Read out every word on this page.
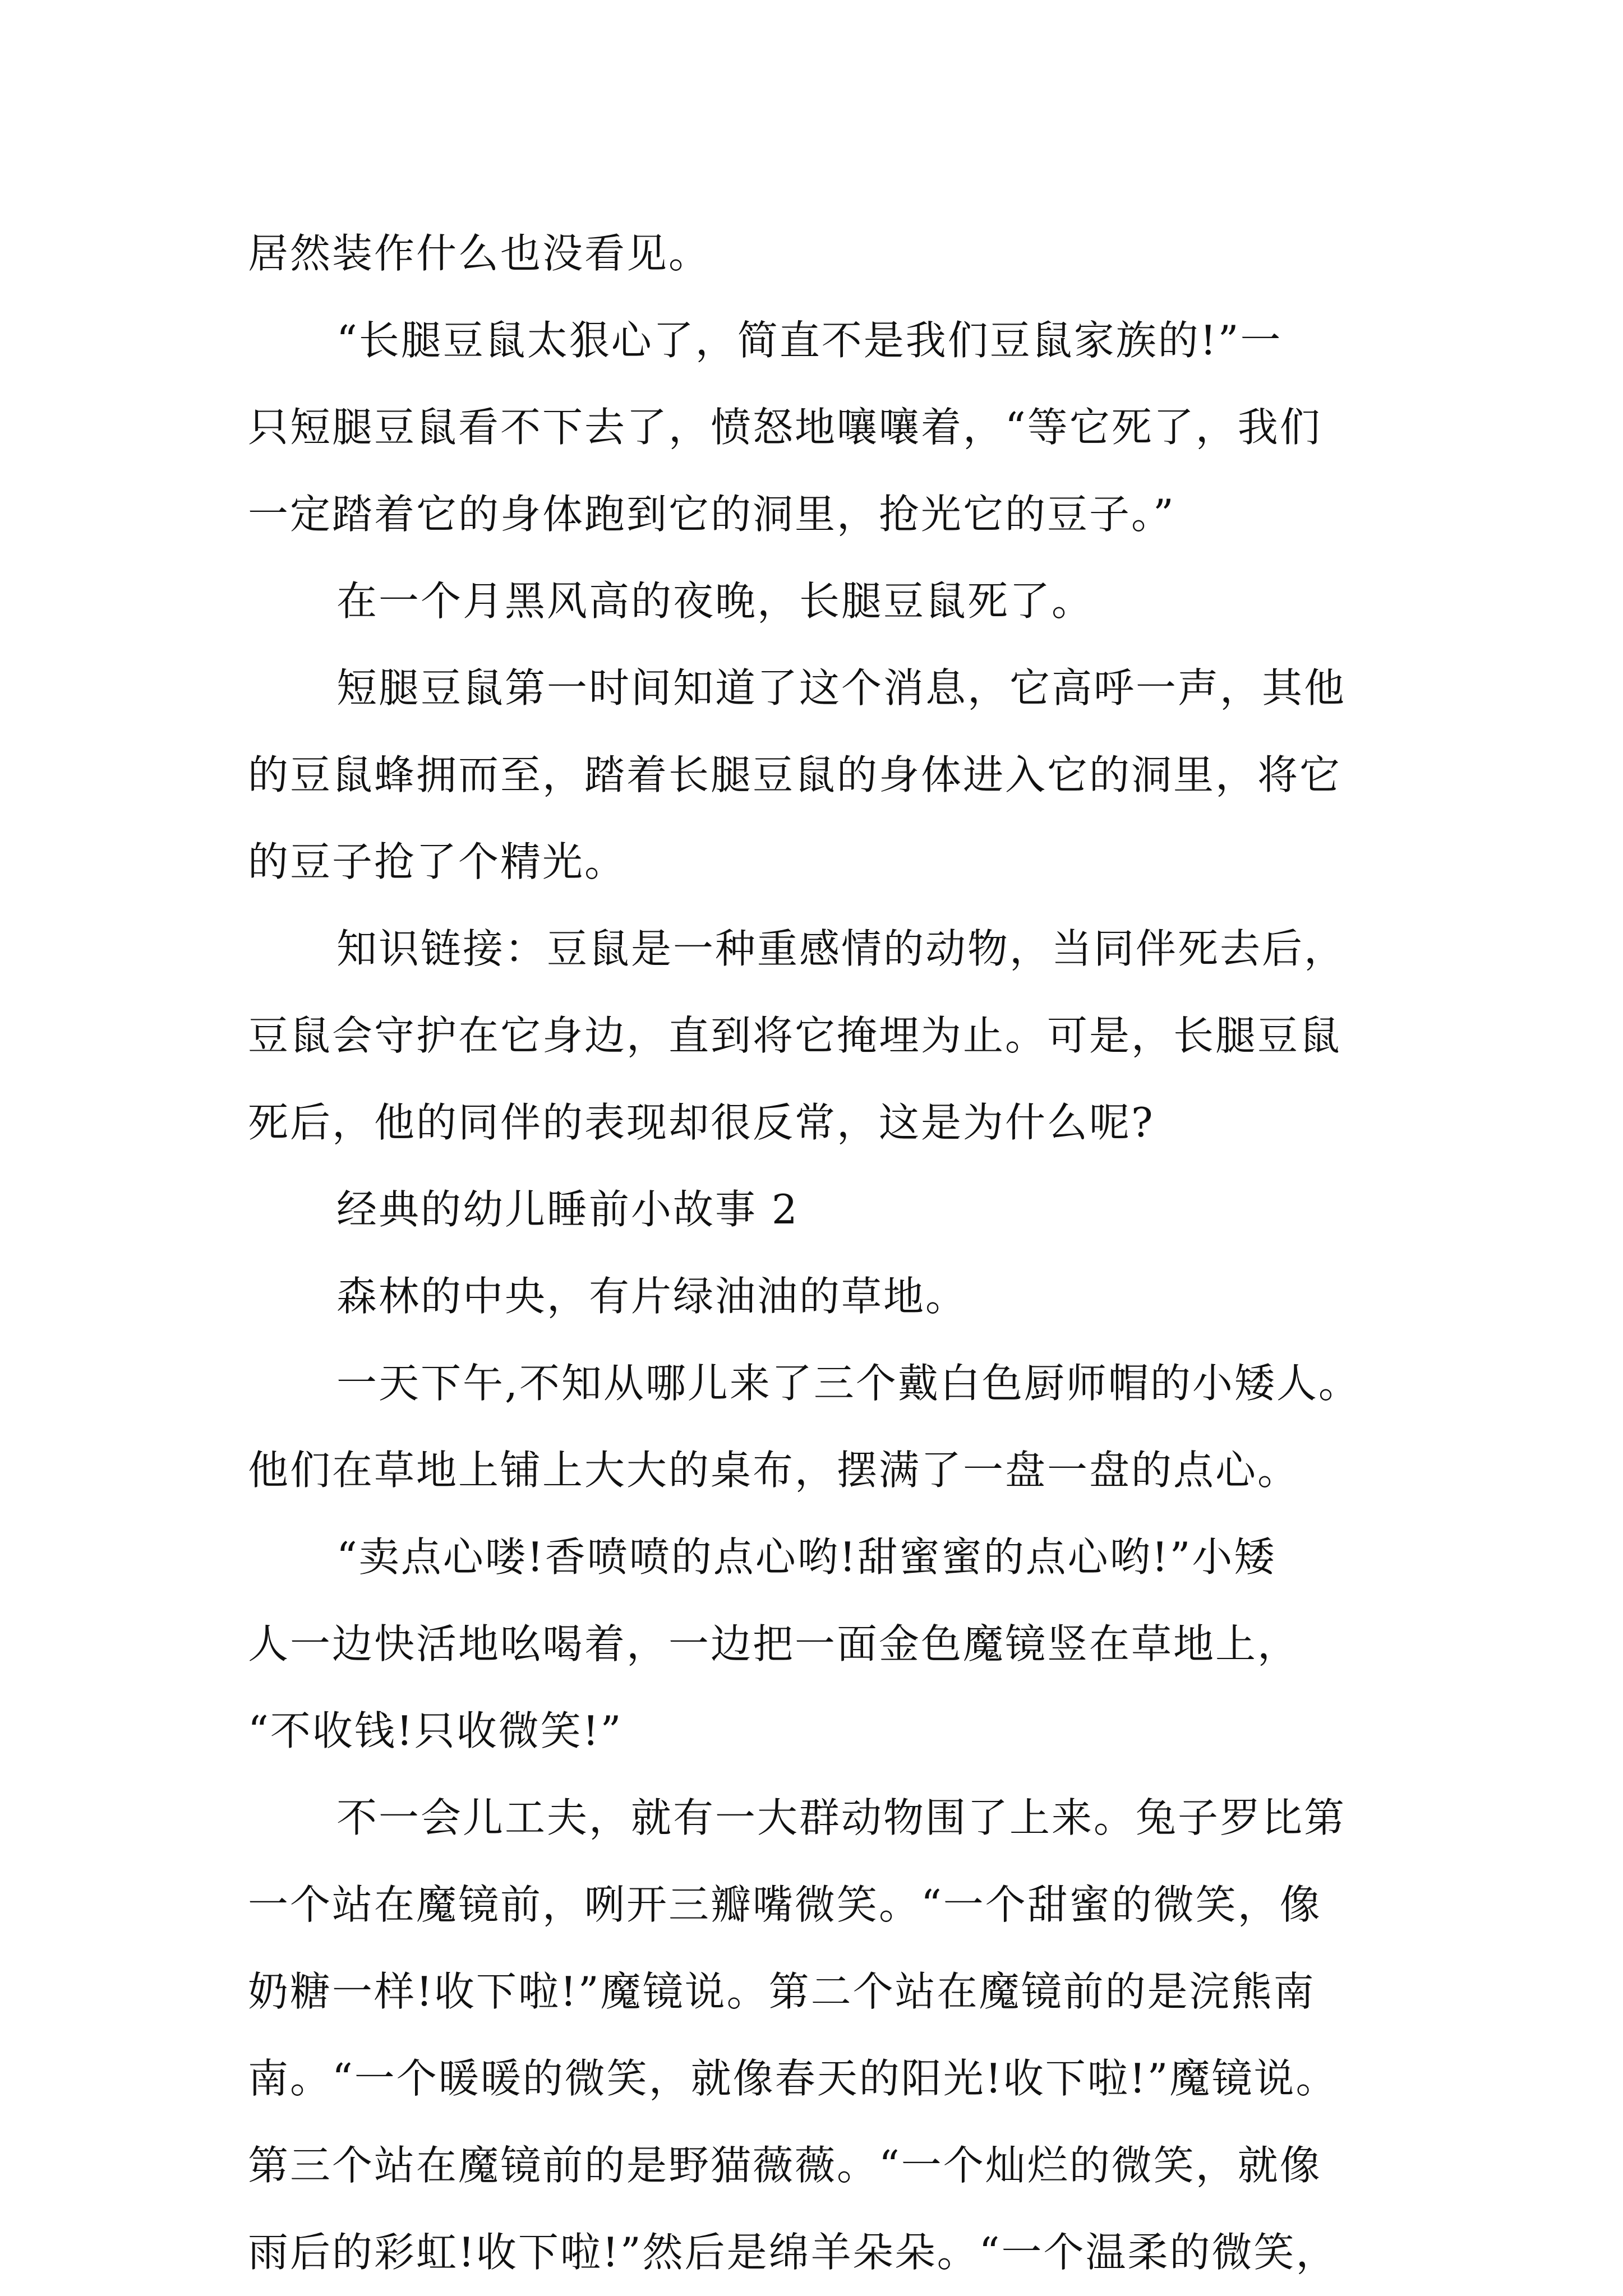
居然装作什么也没看见。
“长腿豆鼠太狠心了，简直不是我们豆鼠家族的!”一
只短腿豆鼠看不下去了，愤怒地嚷嚷着，“等它死了，我们
一定踏着它的身体跑到它的洞里，抢光它的豆子。”
在一个月黑风高的夜晚，长腿豆鼠死了。
短腿豆鼠第一时间知道了这个消息，它高呼一声，其他
的豆鼠蜂拥而至，踏着长腿豆鼠的身体进入它的洞里，将它
的豆子抢了个精光。
知识链接：豆鼠是一种重感情的动物，当同伴死去后，
豆鼠会守护在它身边，直到将它掩埋为止。可是，长腿豆鼠
死后，他的同伴的表现却很反常，这是为什么呢?
经典的幼儿睡前小故事 2
森林的中央，有片绿油油的草地。
一天下午,不知从哪儿来了三个戴白色厨师帽的小矮人。
他们在草地上铺上大大的桌布，摆满了一盘一盘的点心。
“卖点心喽!香喷喷的点心哟!甜蜜蜜的点心哟!”小矮
人一边快活地吆喝着，一边把一面金色魔镜竖在草地上，
“不收钱!只收微笑!”
不一会儿工夫，就有一大群动物围了上来。兔子罗比第
一个站在魔镜前，咧开三瓣嘴微笑。“一个甜蜜的微笑，像
奶糖一样!收下啦!”魔镜说。第二个站在魔镜前的是浣熊南
南。“一个暖暖的微笑，就像春天的阳光!收下啦!”魔镜说。
第三个站在魔镜前的是野猫薇薇。“一个灿烂的微笑，就像
雨后的彩虹!收下啦!”然后是绵羊朵朵。“一个温柔的微笑，
